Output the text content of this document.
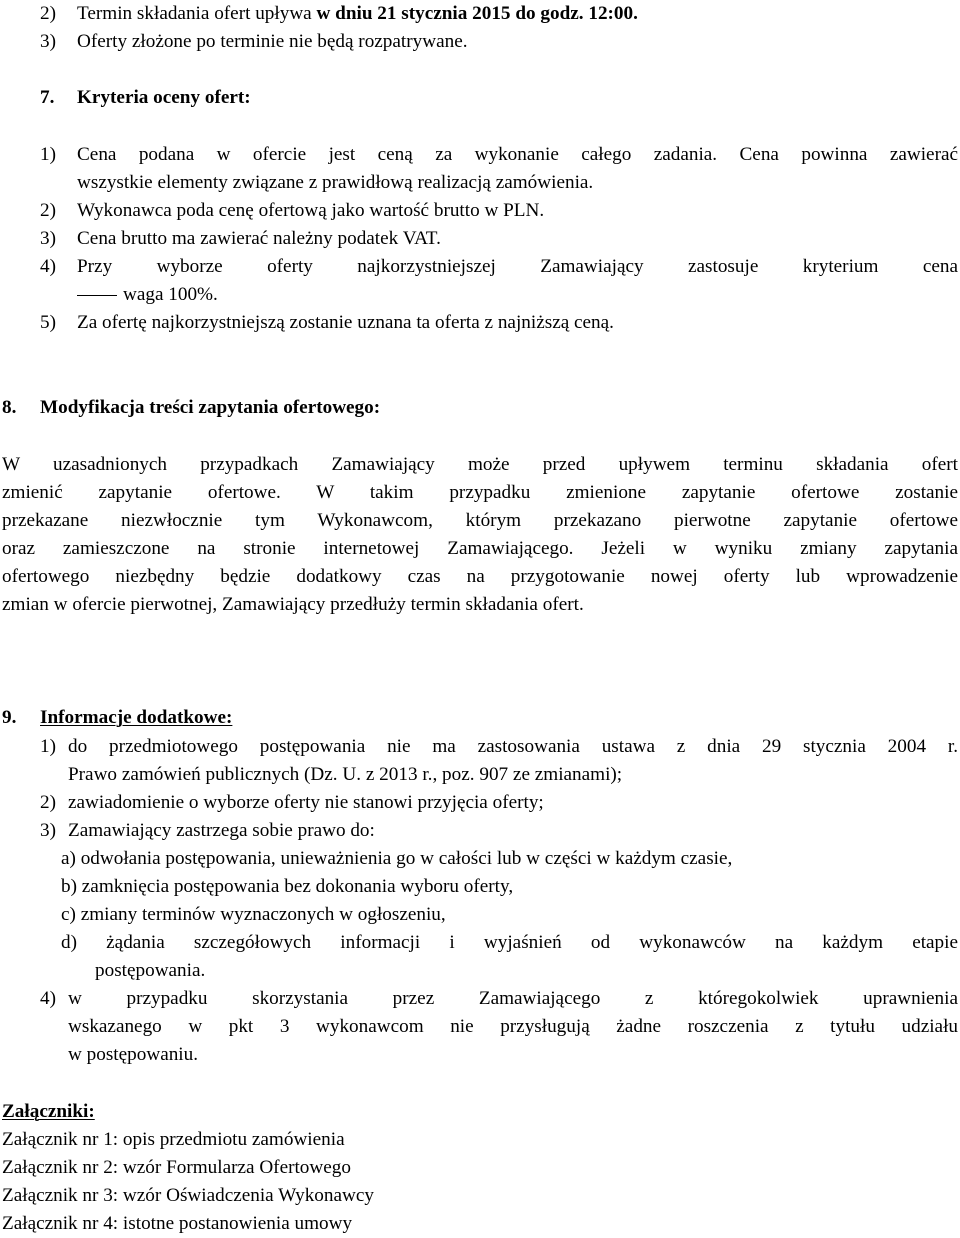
2) Termin składania ofert upływa w dniu 21 stycznia 2015 do godz. 12:00.
3) Oferty złożone po terminie nie będą rozpatrywane.
7. Kryteria oceny ofert:
1) Cena podana w ofercie jest ceną za wykonanie całego zadania. Cena powinna zawierać
wszystkie elementy związane z prawidłową realizacją zamówienia.
2) Wykonawca poda cenę ofertową jako wartość brutto w PLN.
3) Cena brutto ma zawierać należny podatek VAT.
4) Przy wyborze oferty najkorzystniejszej Zamawiający zastosuje kryterium cena
waga 100%.
5) Za ofertę najkorzystniejszą zostanie uznana ta oferta z najniższą ceną.
8. Modyfikacja treści zapytania ofertowego:
W uzasadnionych przypadkach Zamawiający może przed upływem terminu składania ofert
zmienić zapytanie ofertowe. W takim przypadku zmienione zapytanie ofertowe zostanie
przekazane niezwłocznie tym Wykonawcom, którym przekazano pierwotne zapytanie ofertowe
oraz zamieszczone na stronie internetowej Zamawiającego. Jeżeli w wyniku zmiany zapytania
ofertowego niezbędny będzie dodatkowy czas na przygotowanie nowej oferty lub wprowadzenie
zmian w ofercie pierwotnej, Zamawiający przedłuży termin składania ofert.
9. Informacje dodatkowe:
1) do przedmiotowego postępowania nie ma zastosowania ustawa z dnia 29 stycznia 2004 r.
Prawo zamówień publicznych (Dz. U. z 2013 r., poz. 907 ze zmianami);
2) zawiadomienie o wyborze oferty nie stanowi przyjęcia oferty;
3) Zamawiający zastrzega sobie prawo do:
a) odwołania postępowania, unieważnienia go w całości lub w części w każdym czasie,
b) zamknięcia postępowania bez dokonania wyboru oferty,
c) zmiany terminów wyznaczonych w ogłoszeniu,
d) żądania szczegółowych informacji i wyjaśnień od wykonawców na każdym etapie
postępowania.
4) w przypadku skorzystania przez Zamawiającego z któregokolwiek uprawnienia
wskazanego w pkt 3 wykonawcom nie przysługują żadne roszczenia z tytułu udziału
w postępowaniu.
Załączniki:
Załącznik nr 1: opis przedmiotu zamówienia
Załącznik nr 2: wzór Formularza Ofertowego
Załącznik nr 3: wzór Oświadczenia Wykonawcy
Załącznik nr 4: istotne postanowienia umowy
